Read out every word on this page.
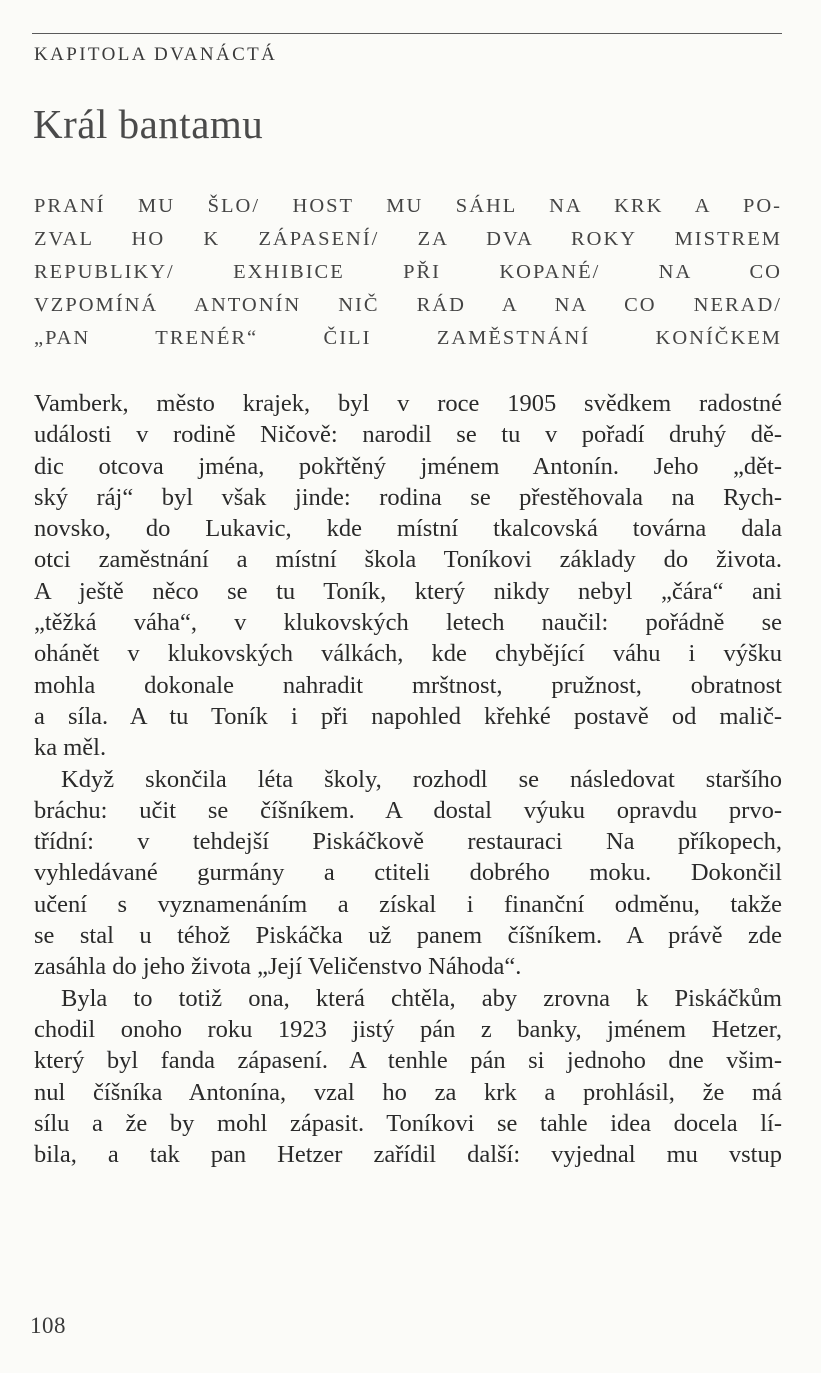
KAPITOLA DVANÁCTÁ
Král bantamu
PRANÍ MU ŠLO/ HOST MU SÁHL NA KRK A PO-
ZVAL HO K ZÁPASENÍ/ ZA DVA ROKY MISTREM
REPUBLIKY/ EXHIBICE PŘI KOPANÉ/ NA CO
VZPOMÍNÁ ANTONÍN NIČ RÁD A NA CO NERAD/
„PAN TRENÉR“ ČILI ZAMĚSTNÁNÍ KONÍČKEM
Vamberk, město krajek, byl v roce 1905 svědkem radostné
události v rodině Ničově: narodil se tu v pořadí druhý dě-
dic otcova jména, pokřtěný jménem Antonín. Jeho „dět-
ský ráj“ byl však jinde: rodina se přestěhovala na Rych-
novsko, do Lukavic, kde místní tkalcovská továrna dala
otci zaměstnání a místní škola Toníkovi základy do života.
A ještě něco se tu Toník, který nikdy nebyl „čára“ ani
„těžká váha“, v klukovských letech naučil: pořádně se
ohánět v klukovských válkách, kde chybějící váhu i výšku
mohla dokonale nahradit mrštnost, pružnost, obratnost
a síla. A tu Toník i při napohled křehké postavě od malič-
ka měl.
Když skončila léta školy, rozhodl se následovat staršího
bráchu: učit se číšníkem. A dostal výuku opravdu prvo-
třídní: v tehdejší Piskáčkově restauraci Na příkopech,
vyhledávané gurmány a ctiteli dobrého moku. Dokončil
učení s vyznamenáním a získal i finanční odměnu, takže
se stal u téhož Piskáčka už panem číšníkem. A právě zde
zasáhla do jeho života „Její Veličenstvo Náhoda“.
Byla to totiž ona, která chtěla, aby zrovna k Piskáčkům
chodil onoho roku 1923 jistý pán z banky, jménem Hetzer,
který byl fanda zápasení. A tenhle pán si jednoho dne všim-
nul číšníka Antonína, vzal ho za krk a prohlásil, že má
sílu a že by mohl zápasit. Toníkovi se tahle idea docela lí-
bila, a tak pan Hetzer zařídil další: vyjednal mu vstup
108
